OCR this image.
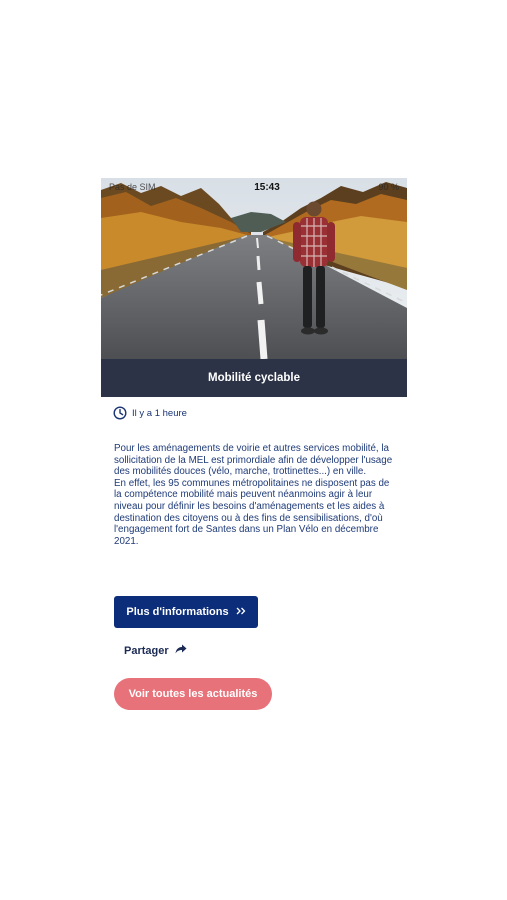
Pas de SIM	15:43	90 %
Mobilité cyclable
Il y a 1 heure
Pour les aménagements de voirie et autres services mobilité, la sollicitation de la MEL est primordiale afin de développer l'usage des mobilités douces (vélo, marche, trottinettes...) en ville.
En effet, les 95 communes métropolitaines ne disposent pas de la compétence mobilité mais peuvent néanmoins agir à leur niveau pour définir les besoins d'aménagements et les aides à destination des citoyens ou à des fins de sensibilisations, d'où l'engagement fort de Santes dans un Plan Vélo en décembre 2021.
Plus d'informations
Partager
Voir toutes les actualités
